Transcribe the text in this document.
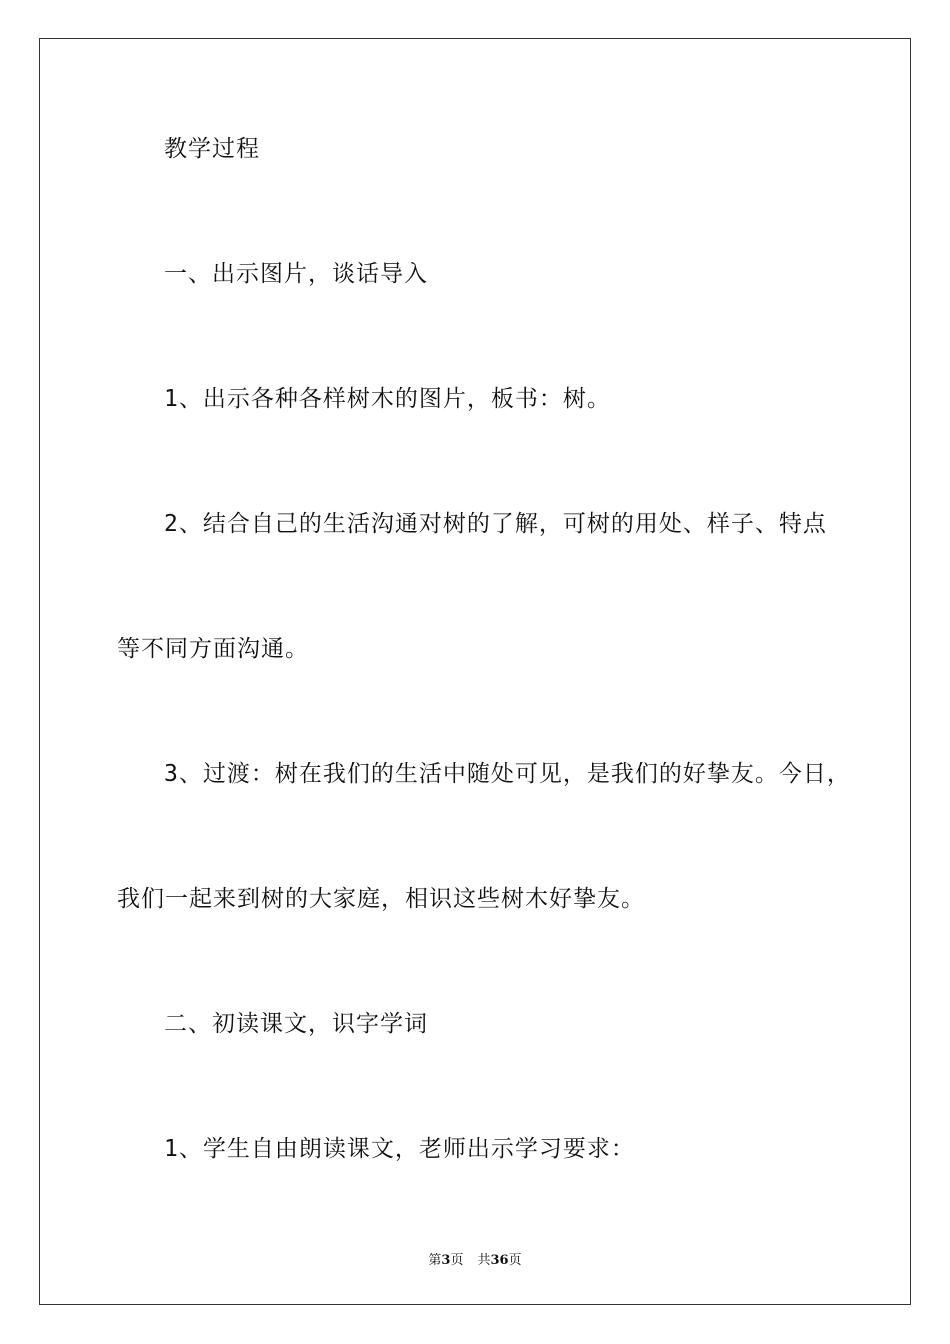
教学过程
一、出示图片，谈话导入
1、出示各种各样树木的图片，板书：树。
2、结合自己的生活沟通对树的了解，可树的用处、样子、特点
等不同方面沟通。
3、过渡：树在我们的生活中随处可见，是我们的好挚友。今日，
我们一起来到树的大家庭，相识这些树木好挚友。
二、初读课文，识字学词
1、学生自由朗读课文，老师出示学习要求：
第3页 共36页
